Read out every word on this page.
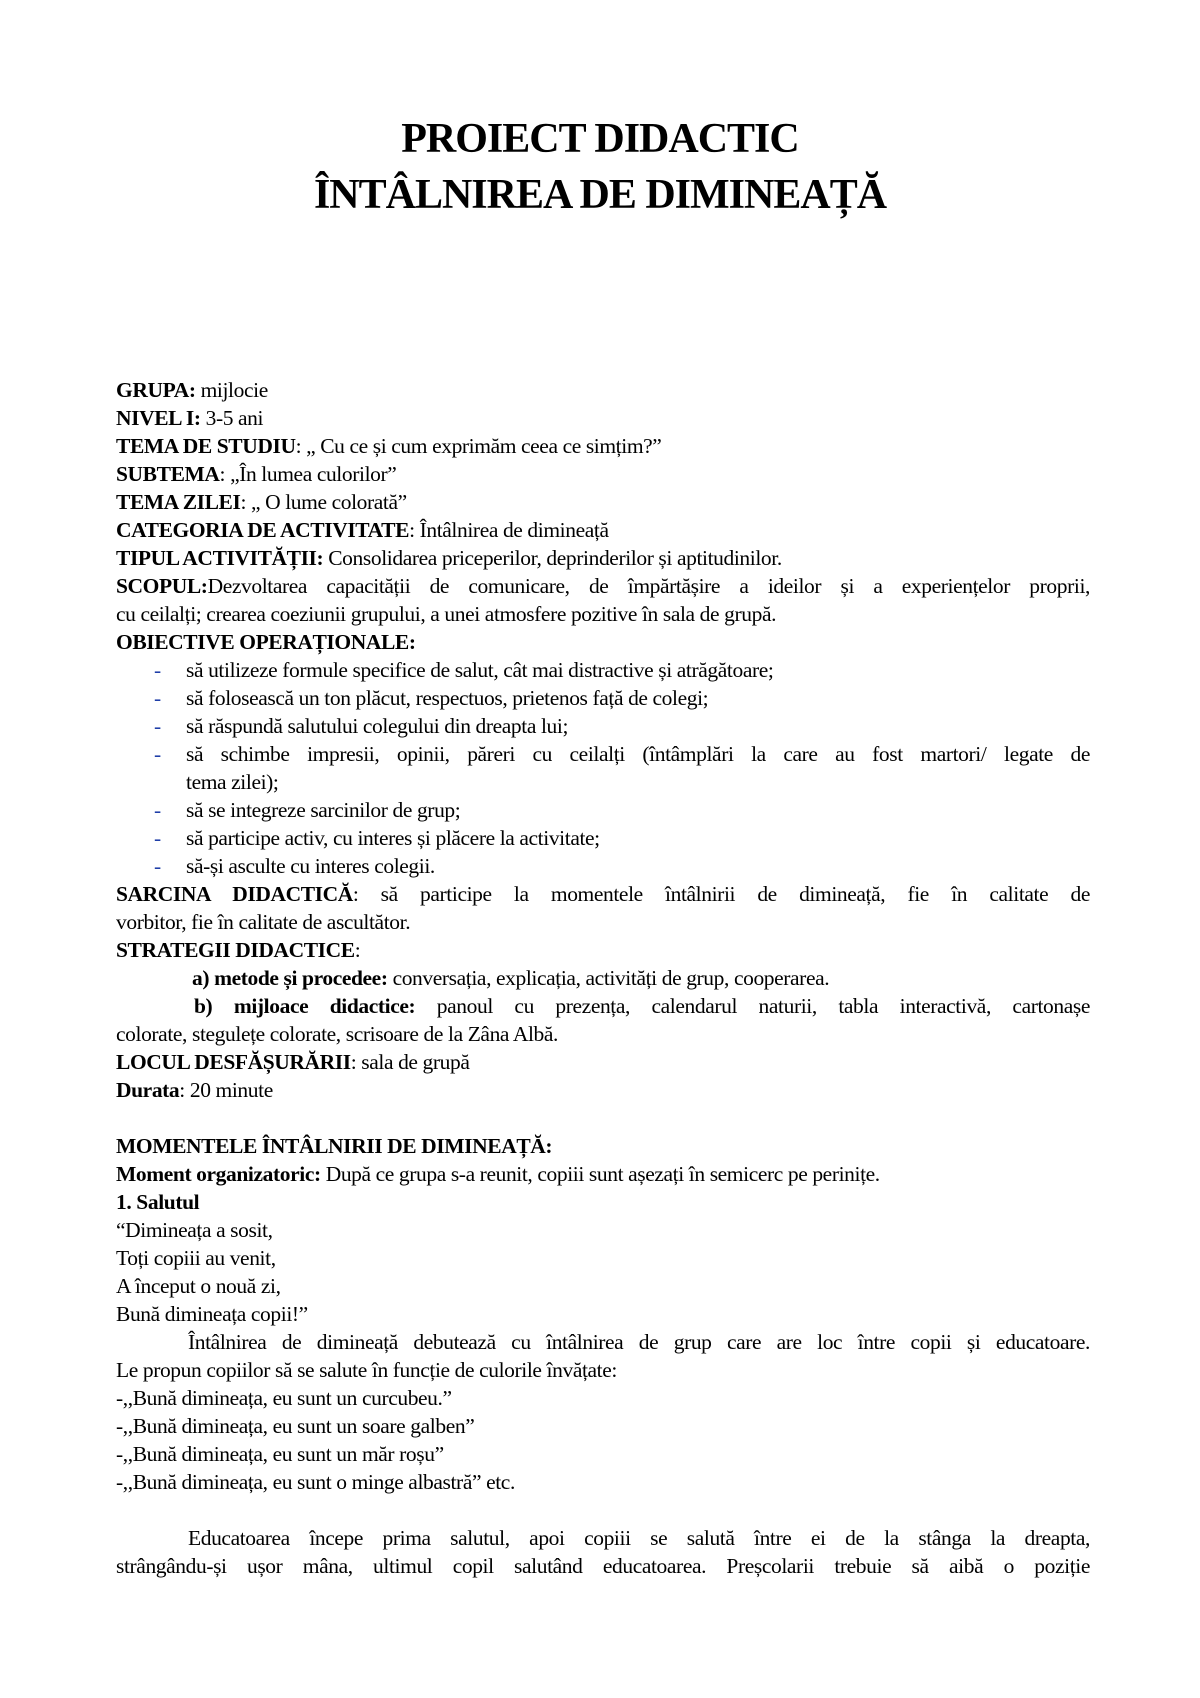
PROIECT DIDACTIC
ÎNTÂLNIREA DE DIMINEAȚĂ
GRUPA: mijlocie
NIVEL I: 3-5 ani
TEMA DE STUDIU: „ Cu ce și cum exprimăm ceea ce simțim?”
SUBTEMA: „În lumea culorilor”
TEMA ZILEI: „ O lume colorată”
CATEGORIA DE ACTIVITATE: Întâlnirea de dimineață
TIPUL ACTIVITĂȚII: Consolidarea priceperilor, deprinderilor și aptitudinilor.
SCOPUL:Dezvoltarea capacității de comunicare, de împărtășire a ideilor și a experiențelor proprii,
cu ceilalți; crearea coeziunii grupului, a unei atmosfere pozitive în sala de grupă.
OBIECTIVE OPERAȚIONALE:
- să utilizeze formule specifice de salut, cât mai distractive și atrăgătoare;
- să folosească un ton plăcut, respectuos, prietenos față de colegi;
- să răspundă salutului colegului din dreapta lui;
- să schimbe impresii, opinii, păreri cu ceilalți (întâmplări la care au fost martori/ legate de
tema zilei);
- să se integreze sarcinilor de grup;
- să participe activ, cu interes și plăcere la activitate;
- să-și asculte cu interes colegii.
SARCINA DIDACTICĂ: să participe la momentele întâlnirii de dimineață, fie în calitate de
vorbitor, fie în calitate de ascultător.
STRATEGII DIDACTICE:
a) metode și procedee: conversația, explicația, activități de grup, cooperarea.
b) mijloace didactice: panoul cu prezența, calendarul naturii, tabla interactivă, cartonașe
colorate, stegulețe colorate, scrisoare de la Zâna Albă.
LOCUL DESFĂȘURĂRII: sala de grupă
Durata: 20 minute
MOMENTELE ÎNTÂLNIRII DE DIMINEAȚĂ:
Moment organizatoric: După ce grupa s-a reunit, copiii sunt așezați în semicerc pe perinițe.
1. Salutul
“Dimineața a sosit,
Toți copiii au venit,
A început o nouă zi,
Bună dimineața copii!”
Întâlnirea de dimineață debutează cu întâlnirea de grup care are loc între copii și educatoare.
Le propun copiilor să se salute în funcție de culorile învățate:
-,,Bună dimineața, eu sunt un curcubeu.”
-,,Bună dimineața, eu sunt un soare galben”
-,,Bună dimineața, eu sunt un măr roșu”
-,,Bună dimineața, eu sunt o minge albastră” etc.
Educatoarea începe prima salutul, apoi copiii se salută între ei de la stânga la dreapta,
strângându-și ușor mâna, ultimul copil salutând educatoarea. Preșcolarii trebuie să aibă o poziție
